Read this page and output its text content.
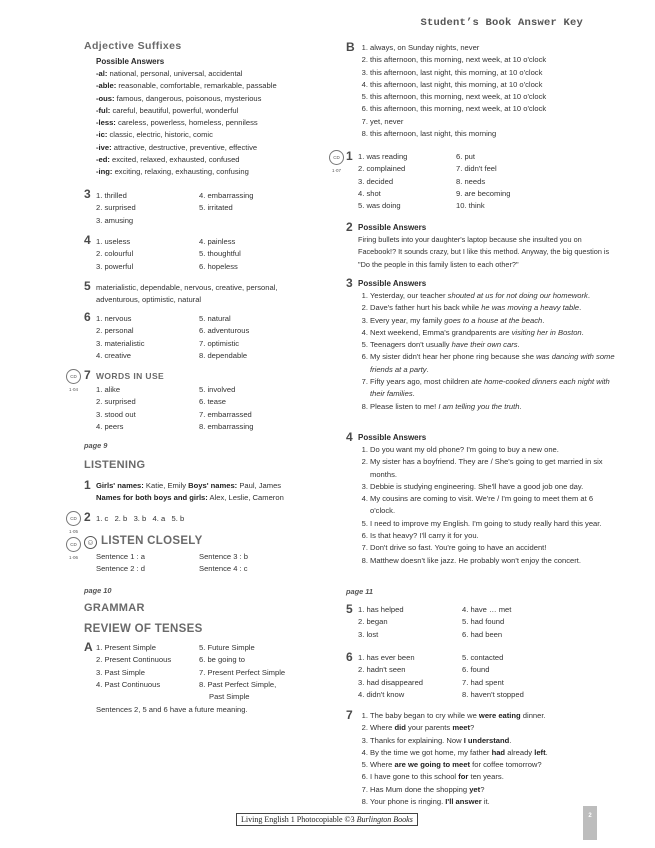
Student’s Book Answer Key
Adjective Suffixes
Possible Answers
-al: national, personal, universal, accidental
-able: reasonable, comfortable, remarkable, passable
-ous: famous, dangerous, poisonous, mysterious
-ful: careful, beautiful, powerful, wonderful
-less: careless, powerless, homeless, penniless
-ic: classic, electric, historic, comic
-ive: attractive, destructive, preventive, effective
-ed: excited, relaxed, exhausted, confused
-ing: exciting, relaxing, exhausting, confusing
3 1. thrilled	4. embarrassing
2. surprised	5. irritated
3. amusing
4 1. useless	4. painless
2. colourful	5. thoughtful
3. powerful	6. hopeless
5 materialistic, dependable, nervous, creative, personal, adventurous, optimistic, natural
6 1. nervous	5. natural
2. personal	6. adventurous
3. materialistic	7. optimistic
4. creative	8. dependable
CD 1·04
7 WORDS IN USE
1. alike	5. involved
2. surprised	6. tease
3. stood out	7. embarrassed
4. peers	8. embarrassing
page 9
LISTENING
1 Girls' names: Katie, Emily Boys' names: Paul, James
Names for both boys and girls: Alex, Leslie, Cameron
CD 1·05
2 1. c   2. b   3. b   4. a   5. b
CD 1·06
☺ LISTEN CLOSELY
Sentence 1 : a	Sentence 3 : b
Sentence 2 : d	Sentence 4 : c
page 10
GRAMMAR
REVIEW OF TENSES
A 1. Present Simple
2. Present Continuous
3. Past Simple
4. Past Continuous
5. Future Simple
6. be going to
7. Present Perfect Simple
8. Past Perfect Simple,
Past Simple
Sentences 2, 5 and 6 have a future meaning.
B 1. always, on Sunday nights, never
2. this afternoon, this morning, next week, at 10 o'clock
3. this afternoon, last night, this morning, at 10 o'clock
4. this afternoon, last night, this morning, at 10 o'clock
5. this afternoon, this morning, next week, at 10 o'clock
6. this afternoon, this morning, next week, at 10 o'clock
7. yet, never
8. this afternoon, last night, this morning
CD 1·07
1 1. was reading	6. put
2. complained	7. didn't feel
3. decided	8. needs
4. shot	9. are becoming
5. was doing	10. think
2 Possible Answers
Firing bullets into your daughter's laptop because she insulted you on Facebook!? It sounds crazy, but I like this method. Anyway, the big question is "Do the people in this family listen to each other?"
3 Possible Answers
1. Yesterday, our teacher shouted at us for not doing our homework.
2. Dave's father hurt his back while he was moving a heavy table.
3. Every year, my family goes to a house at the beach.
4. Next weekend, Emma's grandparents are visiting her in Boston.
5. Teenagers don't usually have their own cars.
6. My sister didn't hear her phone ring because she was dancing with some friends at a party.
7. Fifty years ago, most children ate home-cooked dinners each night with their families.
8. Please listen to me! I am telling you the truth.
4 Possible Answers
1. Do you want my old phone? I'm going to buy a new one.
2. My sister has a boyfriend. They are / She's going to get married in six months.
3. Debbie is studying engineering. She'll have a good job one day.
4. My cousins are coming to visit. We're / I'm going to meet them at 6 o'clock.
5. I need to improve my English. I'm going to study really hard this year.
6. Is that heavy? I'll carry it for you.
7. Don't drive so fast. You're going to have an accident!
8. Matthew doesn't like jazz. He probably won't enjoy the concert.
page 11
5 1. has helped	4. have … met
2. began	5. had found
3. lost	6. had been
6 1. has ever been	5. contacted
2. hadn't seen	6. found
3. had disappeared	7. had spent
4. didn't know	8. haven't stopped
7	1. The baby began to cry while we were eating dinner.
2. Where did your parents meet?
3. Thanks for explaining. Now I understand.
4. By the time we got home, my father had already left.
5. Where are we going to meet for coffee tomorrow?
6. I have gone to this school for ten years.
7. Has Mum done the shopping yet?
8. Your phone is ringing. I'll answer it.
Living English 1 Photocopiable ©3 Burlington Books	2
